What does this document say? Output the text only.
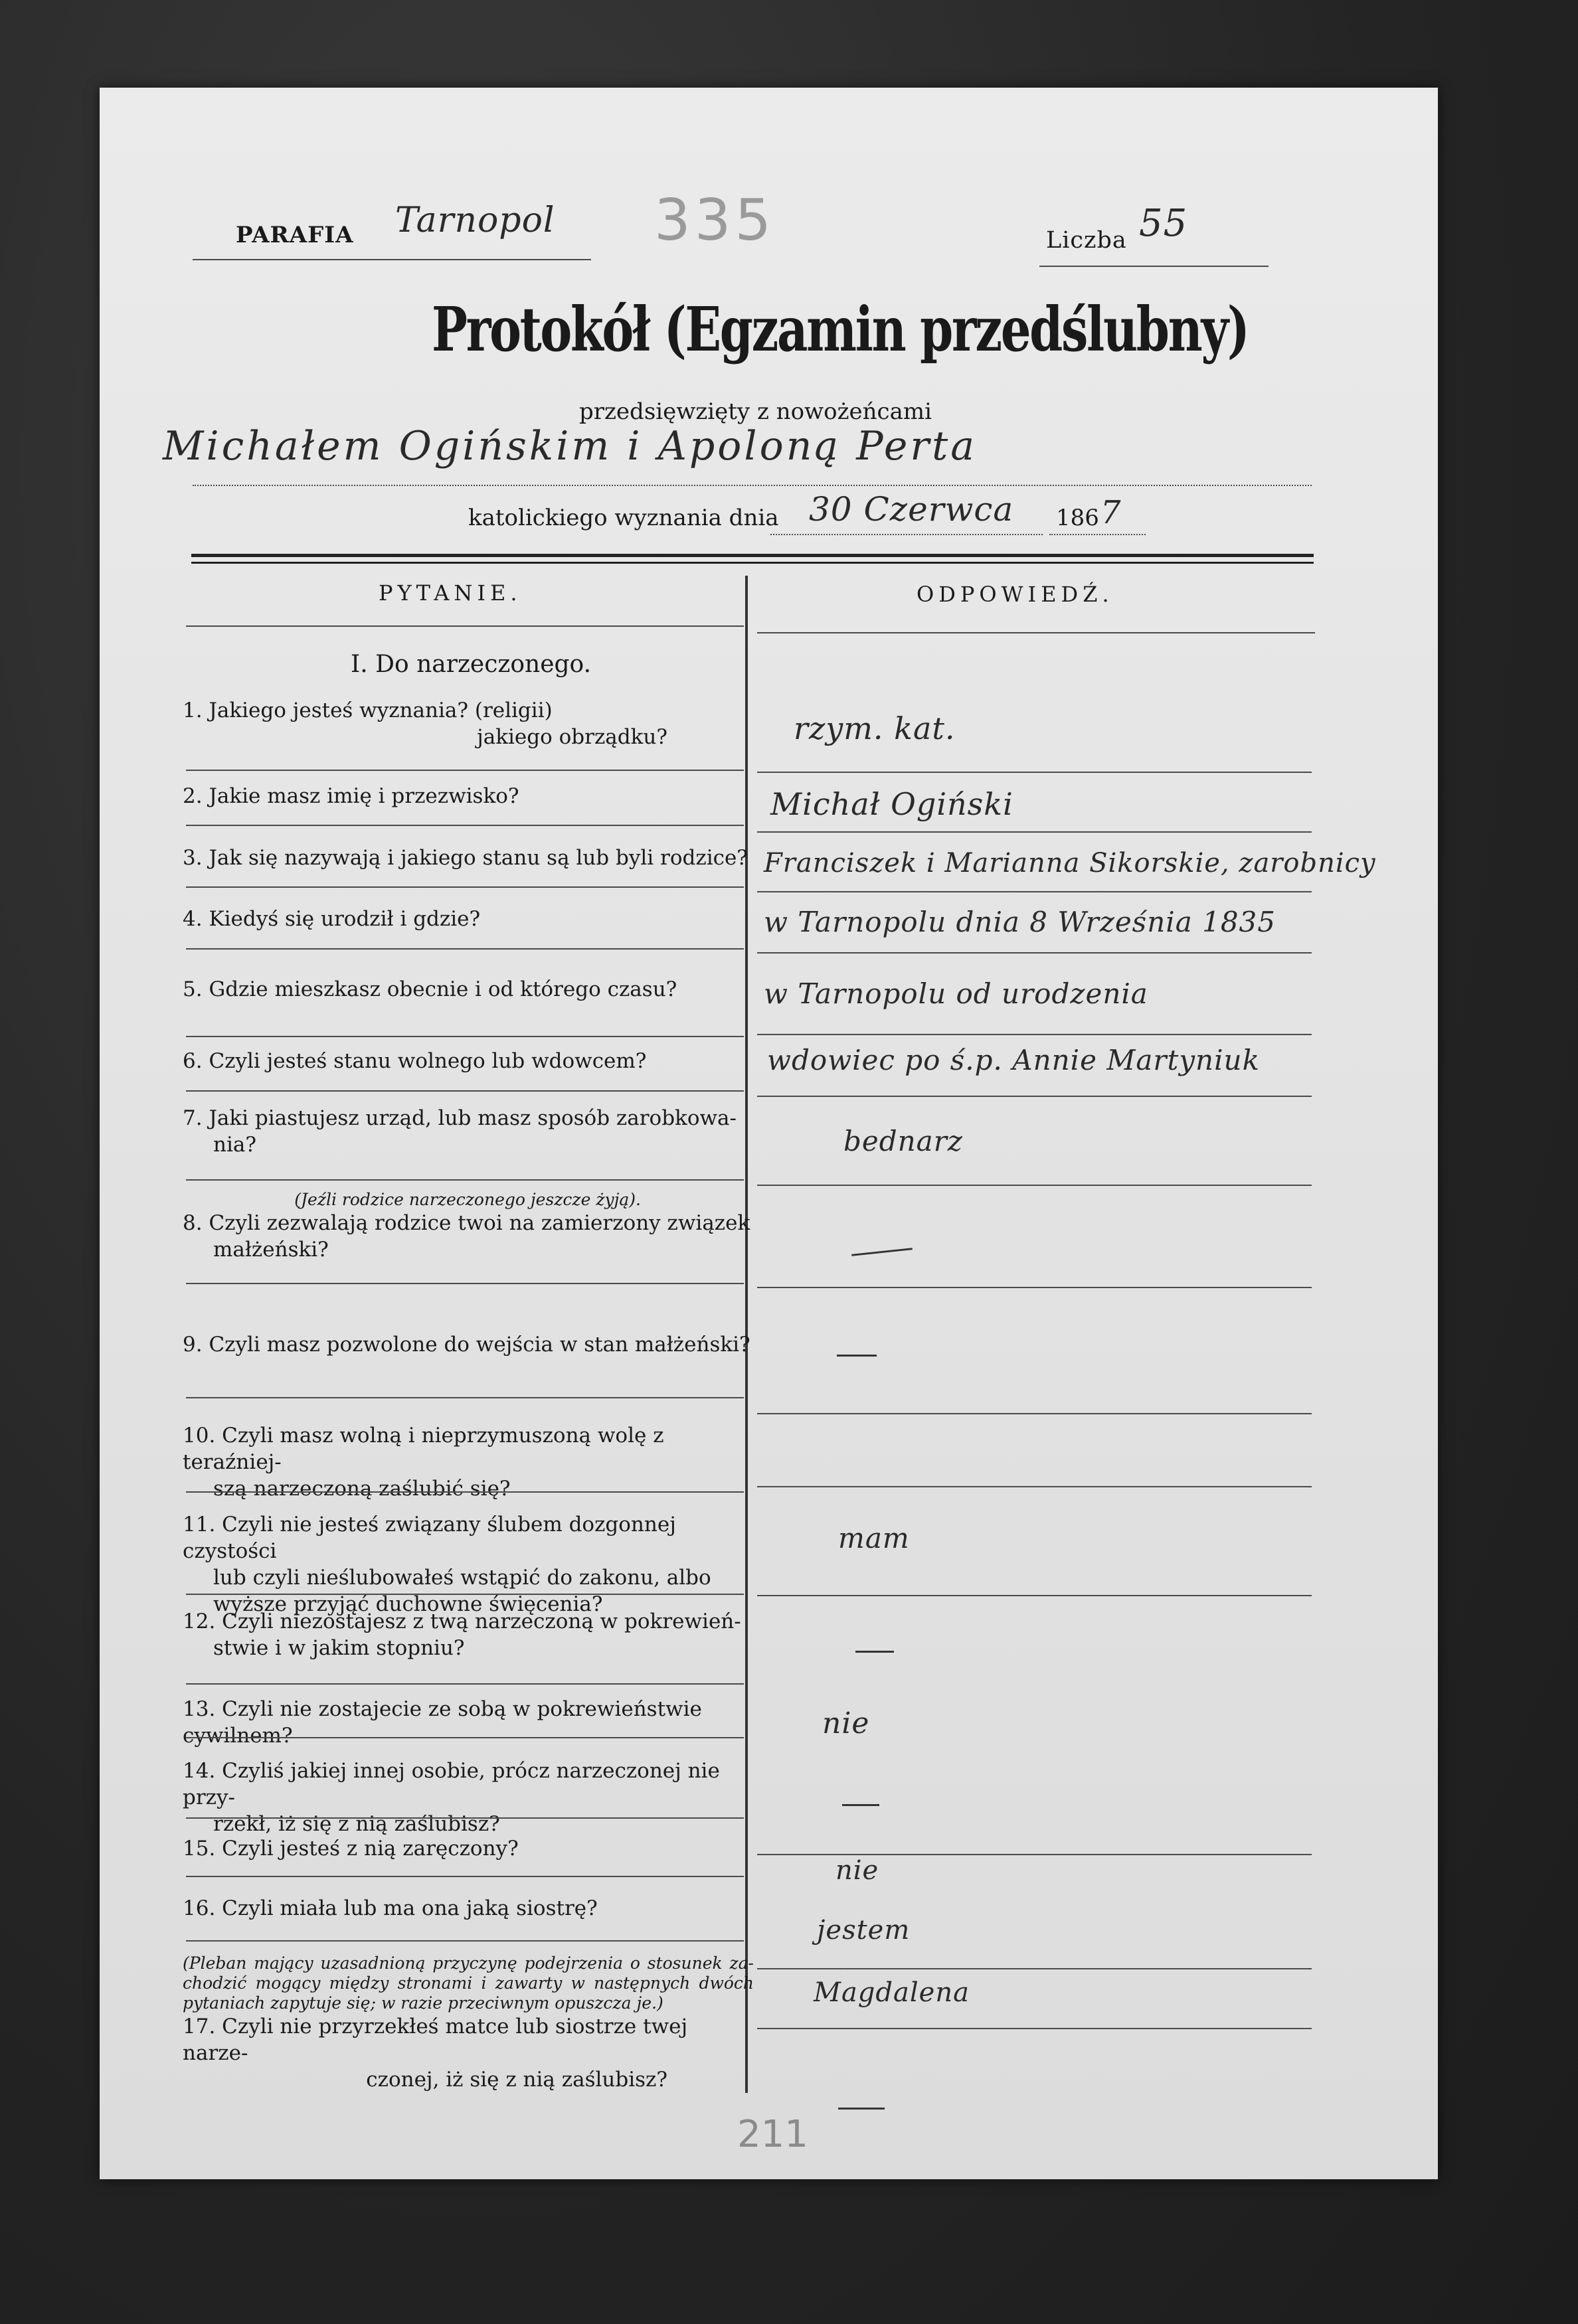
PARAFIA Tarnopol 335	Liczba 55
Protokół (Egzamin przedślubny)
przedsięwzięty z nowożeńcami
Michałem Ogińskim i Apoloną Perta
katolickiego wyznania dnia 30 Czerwca 186 7
PYTANIE.	ODPOWIEDŹ.
I. Do narzeczonego.
1. Jakiego jesteś wyznania? (religii)
jakiego obrządku?
2. Jakie masz imię i przezwisko?
3. Jak się nazywają i jakiego stanu są lub byli rodzice?
4. Kiedyś się urodził i gdzie?
5. Gdzie mieszkasz obecnie i od którego czasu?
6. Czyli jesteś stanu wolnego lub wdowcem?
7. Jaki piastujesz urząd, lub masz sposób zarobkowa-
nia?
(Jeźli rodzice narzeczonego jeszcze żyją).
8. Czyli zezwalają rodzice twoi na zamierzony związek
małżeński?
9. Czyli masz pozwolone do wejścia w stan małżeński?
10. Czyli masz wolną i nieprzymuszoną wolę z teraźniej-
szą narzeczoną zaślubić się?
11. Czyli nie jesteś związany ślubem dozgonnej czystości
lub czyli nieślubowałeś wstąpić do zakonu, albo
wyższe przyjąć duchowne święcenia?
12. Czyli niezostajesz z twą narzeczoną w pokrewień-
stwie i w jakim stopniu?
13. Czyli nie zostajecie ze sobą w pokrewieństwie cywilnem?
14. Czyliś jakiej innej osobie, prócz narzeczonej nie przy-
rzekł, iż się z nią zaślubisz?
15. Czyli jesteś z nią zaręczony?
16. Czyli miała lub ma ona jaką siostrę?
(Pleban mający uzasadnioną przyczynę podejrzenia o stosunek za- chodzić mogący między stronami i zawarty w następnych dwóch pytaniach zapytuje się; w razie przeciwnym opuszcza je.)
17. Czyli nie przyrzekłeś matce lub siostrze twej narze-
czonej, iż się z nią zaślubisz?
rzym. kat.
Michał Ogiński
Franciszek i Marianna Sikorskie, zarobnicy
w Tarnopolu dnia 8 Września 1835
w Tarnopolu od urodzenia
wdowiec po ś.p. Annie Martyniuk
bednarz
mam
nie
nie
jestem
Magdalena
211
